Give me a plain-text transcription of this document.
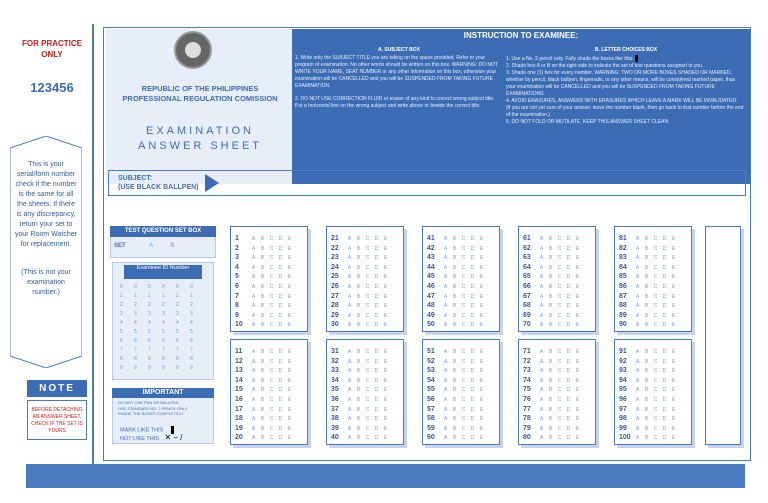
FOR PRACTICE ONLY
123456
This is your serial/form number check if the number is the same for all the sheets. If there is any discrepancy, return your set to your Room Watcher for replacement.
(This is not your examination number.)
NOTE
BEFORE DETACHING AN ANSWER SHEET, CHECK IF THE SET IS YOURS
REPUBLIC OF THE PHILIPPINES
PROFESSIONAL REGULATION COMISSION
EXAMINATION
ANSWER SHEET
INSTRUCTION TO EXAMINEE:
A. SUBJECT BOX
1. Write only the SUBJECT TITLE you are taking on the space provided. Refer to your program of examination. No other words should be written on this box. WARNING: DO NOT WRITE YOUR NAME, SEAT NUMBER or any other information on this box, otherwise your examination will be CANCELLED and you will be SUSPENDED FROM TAKING FUTURE EXAMINATION.
2. DO NOT USE CORRECTION FLUID or eraser of any kind to correct wrong subject title. Put a horizontal line on the wrong subject and write above or beside the correct title.
B. LETTER CHOICES BOX
1. Use a No. 2 pencil only. Fully shade the boxes like this:
2. Shade box A or B on the right side to indicate the set of test questions assigned to you.
3. Shade one (1) box for every number. WARNING: TWO OR MORE BOXES SHADED OR MARKED, whether by pencil, black ballpen, fingernails, or any other means, will be considered marked paper, thus your examination will be CANCELLED and you will be SUSPENDED FROM TAKING FUTURE EXAMINATIONS.
4. AVOID ERASURES, ANSWERS WITH ERASURES WHICH LEAVE A MARK WILL BE INVALIDATED.
(If you are not yet sure of your answer, leave the number blank, then go back to that number before the end of the examination.)
5. DO NOT FOLD OR MUTILATE. KEEP THIS ANSWER SHEET CLEAN.
SUBJECT:
(USE BLACK BALLPEN)
TEST QUESTION SET BOX
SET	A	B
Examinee ID Number
0 0 0 0 0 0
1 1 1 1 1 1
2 2 2 2 2 2
3 3 3 3 3 3
4 4 4 4 4 4
5 5 5 5 5 5
6 6 6 6 6 6
7 7 7 7 7 7
8 8 8 8 8 8
9 9 9 9 9 9
IMPORTANT
DO NOT USE PEN OR BALLPEN
USE STANDARD NO. 2 PENCIL ONLY
SHADE THE BOXES COMPLETELY
MARK LIKE THIS
NOT LIKE THIS ✕ − /
1	A B C D E
2	A B C D E
3	A B C D E
4	A B C D E
5	A B C D E
6	A B C D E
7	A B C D E
8	A B C D E
9	A B C D E
10 A B C D E
11 A B C D E
12 A B C D E
13 A B C D E
14 A B C D E
15 A B C D E
16 A B C D E
17 A B C D E
18 A B C D E
19 A B C D E
20 A B C D E
21 A B C D E
22 A B C D E
23 A B C D E
24 A B C D E
25 A B C D E
26 A B C D E
27 A B C D E
28 A B C D E
29 A B C D E
30 A B C D E
31 A B C D E
32 A B C D E
33 A B C D E
34 A B C D E
35 A B C D E
36 A B C D E
37 A B C D E
38 A B C D E
39 A B C D E
40 A B C D E
41 A B C D E
42 A B C D E
43 A B C D E
44 A B C D E
45 A B C D E
46 A B C D E
47 A B C D E
48 A B C D E
49 A B C D E
50 A B C D E
51 A B C D E
52 A B C D E
53 A B C D E
54 A B C D E
55 A B C D E
56 A B C D E
57 A B C D E
58 A B C D E
59 A B C D E
60 A B C D E
61 A B C D E
62 A B C D E
63 A B C D E
64 A B C D E
65 A B C D E
66 A B C D E
67 A B C D E
68 A B C D E
69 A B C D E
70 A B C D E
71 A B C D E
72 A B C D E
73 A B C D E
74 A B C D E
75 A B C D E
76 A B C D E
77 A B C D E
78 A B C D E
79 A B C D E
80 A B C D E
81 A B C D E
82 A B C D E
83 A B C D E
84 A B C D E
85 A B C D E
86 A B C D E
87 A B C D E
88 A B C D E
89 A B C D E
90 A B C D E
91 A B C D E
92 A B C D E
93 A B C D E
94 A B C D E
95 A B C D E
96 A B C D E
97 A B C D E
98 A B C D E
99 A B C D E
100 A B C D E
